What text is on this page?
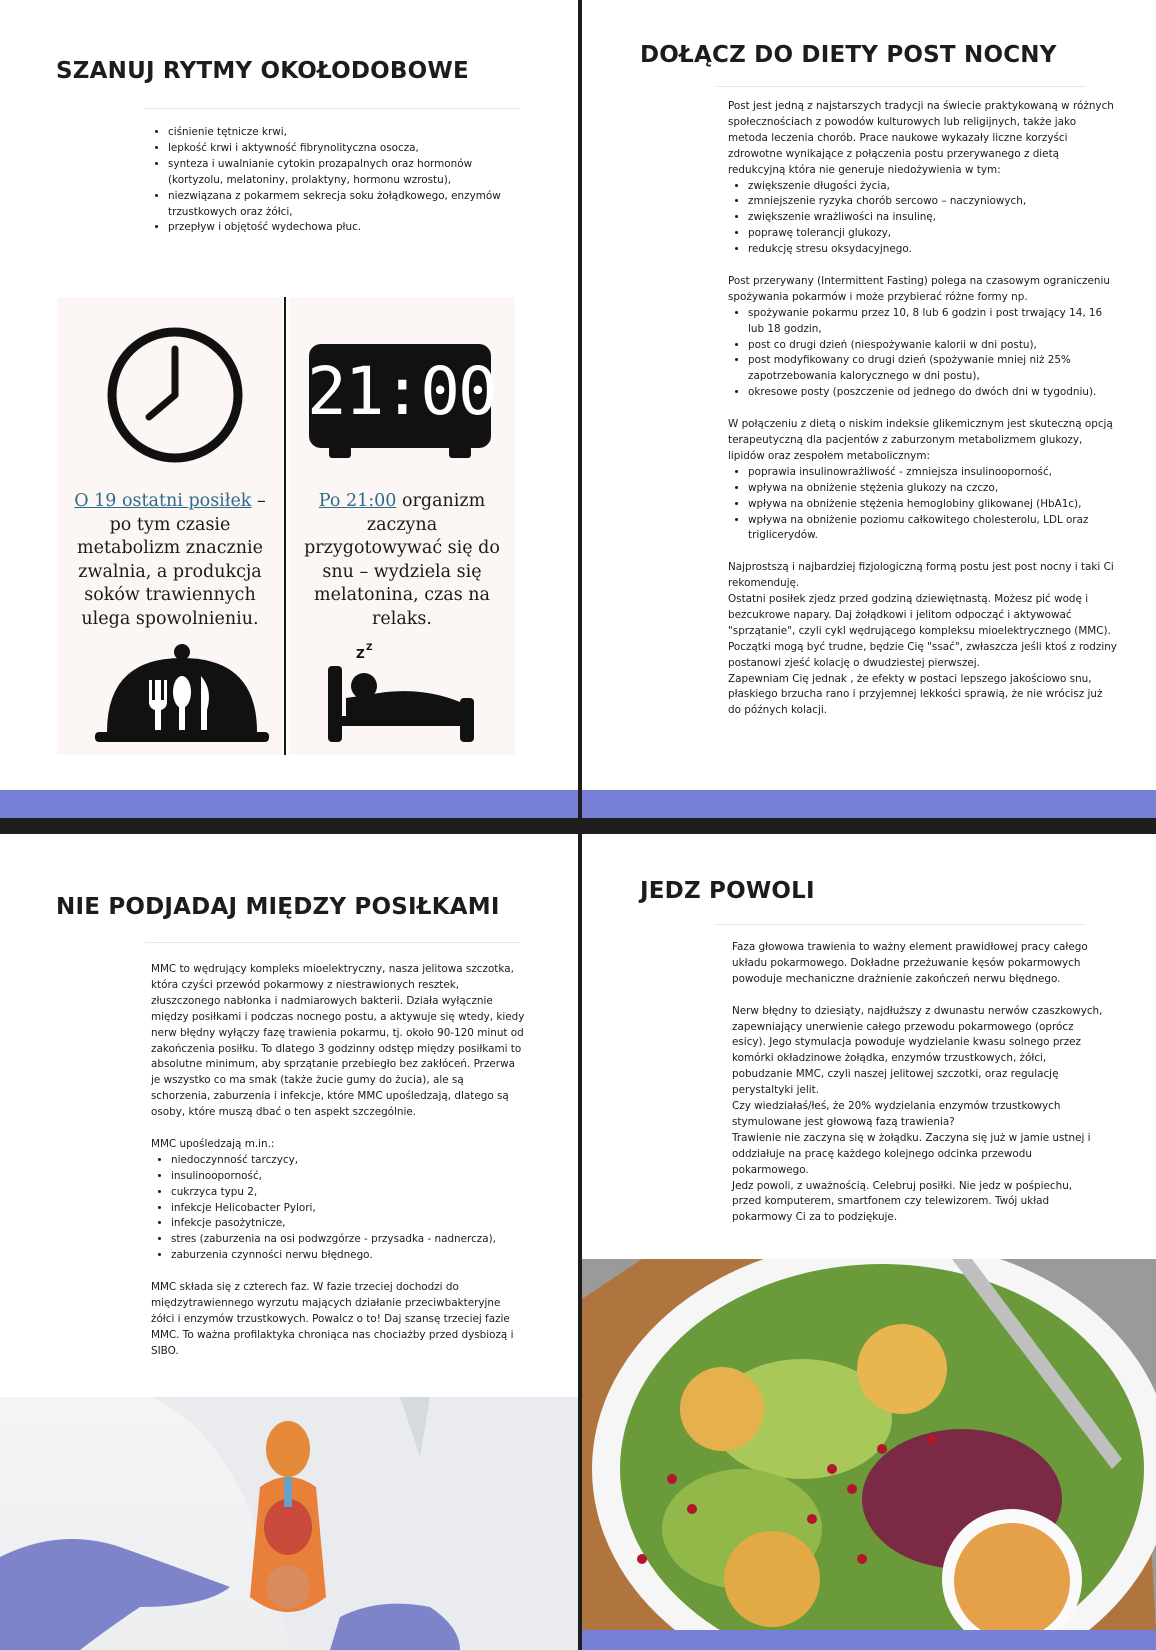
SZANUJ RYTMY OKOŁODOBOWE
• ciśnienie tętnicze krwi,
• lepkość krwi i aktywność fibrynolityczna osocza,
• synteza i uwalnianie cytokin prozapalnych oraz hormonów (kortyzolu, melatoniny, prolaktyny, hormonu wzrostu),
• niezwiązana z pokarmem sekrecja soku żołądkowego, enzymów trzustkowych oraz żółci,
• przepływ i objętość wydechowa płuc.
21:00
O 19 ostatni posiłek – po tym czasie metabolizm znacznie zwalnia, a produkcja soków trawiennych ulega spowolnieniu.
Po 21:00 organizm zaczyna przygotowywać się do snu – wydziela się melatonina, czas na relaks.
Z Z
DOŁĄCZ DO DIETY POST NOCNY

Post jest jedną z najstarszych tradycji na świecie praktykowaną w różnych społecznościach z powodów kulturowych lub religijnych, także jako metoda leczenia chorób. Prace naukowe wykazały liczne korzyści zdrowotne wynikające z połączenia postu przerywanego z dietą redukcyjną która nie generuje niedożywienia w tym:

• zwiększenie długości życia,
• zmniejszenie ryzyka chorób sercowo – naczyniowych,
• zwiększenie wrażliwości na insulinę,
• poprawę tolerancji glukozy,
• redukcję stresu oksydacyjnego.

Post przerywany (Intermittent Fasting) polega na czasowym ograniczeniu spożywania pokarmów i może przybierać różne formy np.

• spożywanie pokarmu przez 10, 8 lub 6 godzin i post trwający 14, 16 lub 18 godzin,
• post co drugi dzień (niespożywanie kalorii w dni postu),
• post modyfikowany co drugi dzień (spożywanie mniej niż 25% zapotrzebowania kalorycznego w dni postu),
• okresowe posty (poszczenie od jednego do dwóch dni w tygodniu).

W połączeniu z dietą o niskim indeksie glikemicznym jest skuteczną opcją terapeutyczną dla pacjentów z zaburzonym metabolizmem glukozy, lipidów oraz zespołem metabolicznym:

• poprawia insulinowrażliwość - zmniejsza insulinooporność,
• wpływa na obniżenie stężenia glukozy na czczo,
• wpływa na obniżenie stężenia hemoglobiny glikowanej (HbA1c),
• wpływa na obniżenie poziomu całkowitego cholesterolu, LDL oraz triglicerydów.

Najprostszą i najbardziej fizjologiczną formą postu jest post nocny i taki Ci rekomenduję.

Ostatni posiłek zjedz przed godziną dziewiętnastą. Możesz pić wodę i bezcukrowe napary. Daj żołądkowi i jelitom odpocząć i aktywować "sprzątanie", czyli cykl wędrującego kompleksu mioelektrycznego (MMC). Początki mogą być trudne, będzie Cię "ssać", zwłaszcza jeśli ktoś z rodziny postanowi zjeść kolację o dwudziestej pierwszej.

Zapewniam Cię jednak , że efekty w postaci lepszego jakościowo snu, płaskiego brzucha rano i przyjemnej lekkości sprawią, że nie wrócisz już do późnych kolacji.

NIE PODJADAJ MIĘDZY POSIŁKAMI

MMC to wędrujący kompleks mioelektryczny, nasza jelitowa szczotka, która czyści przewód pokarmowy z niestrawionych resztek, złuszczonego nabłonka i nadmiarowych bakterii. Działa wyłącznie między posiłkami i podczas nocnego postu, a aktywuje się wtedy, kiedy nerw błędny wyłączy fazę trawienia pokarmu, tj. około 90-120 minut od zakończenia posiłku. To dlatego 3 godzinny odstęp między posiłkami to absolutne minimum, aby sprzątanie przebiegło bez zakłóceń. Przerwa je wszystko co ma smak (także żucie gumy do żucia), ale są schorzenia, zaburzenia i infekcje, które MMC upośledzają, dlatego są osoby, które muszą dbać o ten aspekt szczególnie.

MMC upośledzają m.in.:

• niedoczynność tarczycy,
• insulinooporność,
• cukrzyca typu 2,
• infekcje Helicobacter Pylori,
• infekcje pasożytnicze,
• stres (zaburzenia na osi podwzgórze - przysadka - nadnercza),
• zaburzenia czynności nerwu błędnego.

MMC składa się z czterech faz. W fazie trzeciej dochodzi do międzytrawiennego wyrzutu mających działanie przeciwbakteryjne żółci i enzymów trzustkowych. Powalcz o to! Daj szansę trzeciej fazie MMC. To ważna profilaktyka chroniąca nas chociażby przed dysbiozą i SIBO.

JEDZ POWOLI

Faza głowowa trawienia to ważny element prawidłowej pracy całego układu pokarmowego. Dokładne przeżuwanie kęsów pokarmowych powoduje mechaniczne drażnienie zakończeń nerwu błędnego.

Nerw błędny to dziesiąty, najdłuższy z dwunastu nerwów czaszkowych, zapewniający unerwienie całego przewodu pokarmowego (oprócz esicy). Jego stymulacja powoduje wydzielanie kwasu solnego przez komórki okładzinowe żołądka, enzymów trzustkowych, żółci, pobudzanie MMC, czyli naszej jelitowej szczotki, oraz regulację perystaltyki jelit.

Czy wiedziałaś/łeś, że 20% wydzielania enzymów trzustkowych stymulowane jest głowową fazą trawienia?

Trawienie nie zaczyna się w żołądku. Zaczyna się już w jamie ustnej i oddziałuje na pracę każdego kolejnego odcinka przewodu pokarmowego.

Jedz powoli, z uważnością. Celebruj posiłki. Nie jedz w pośpiechu, przed komputerem, smartfonem czy telewizorem. Twój układ pokarmowy Ci za to podziękuje.
